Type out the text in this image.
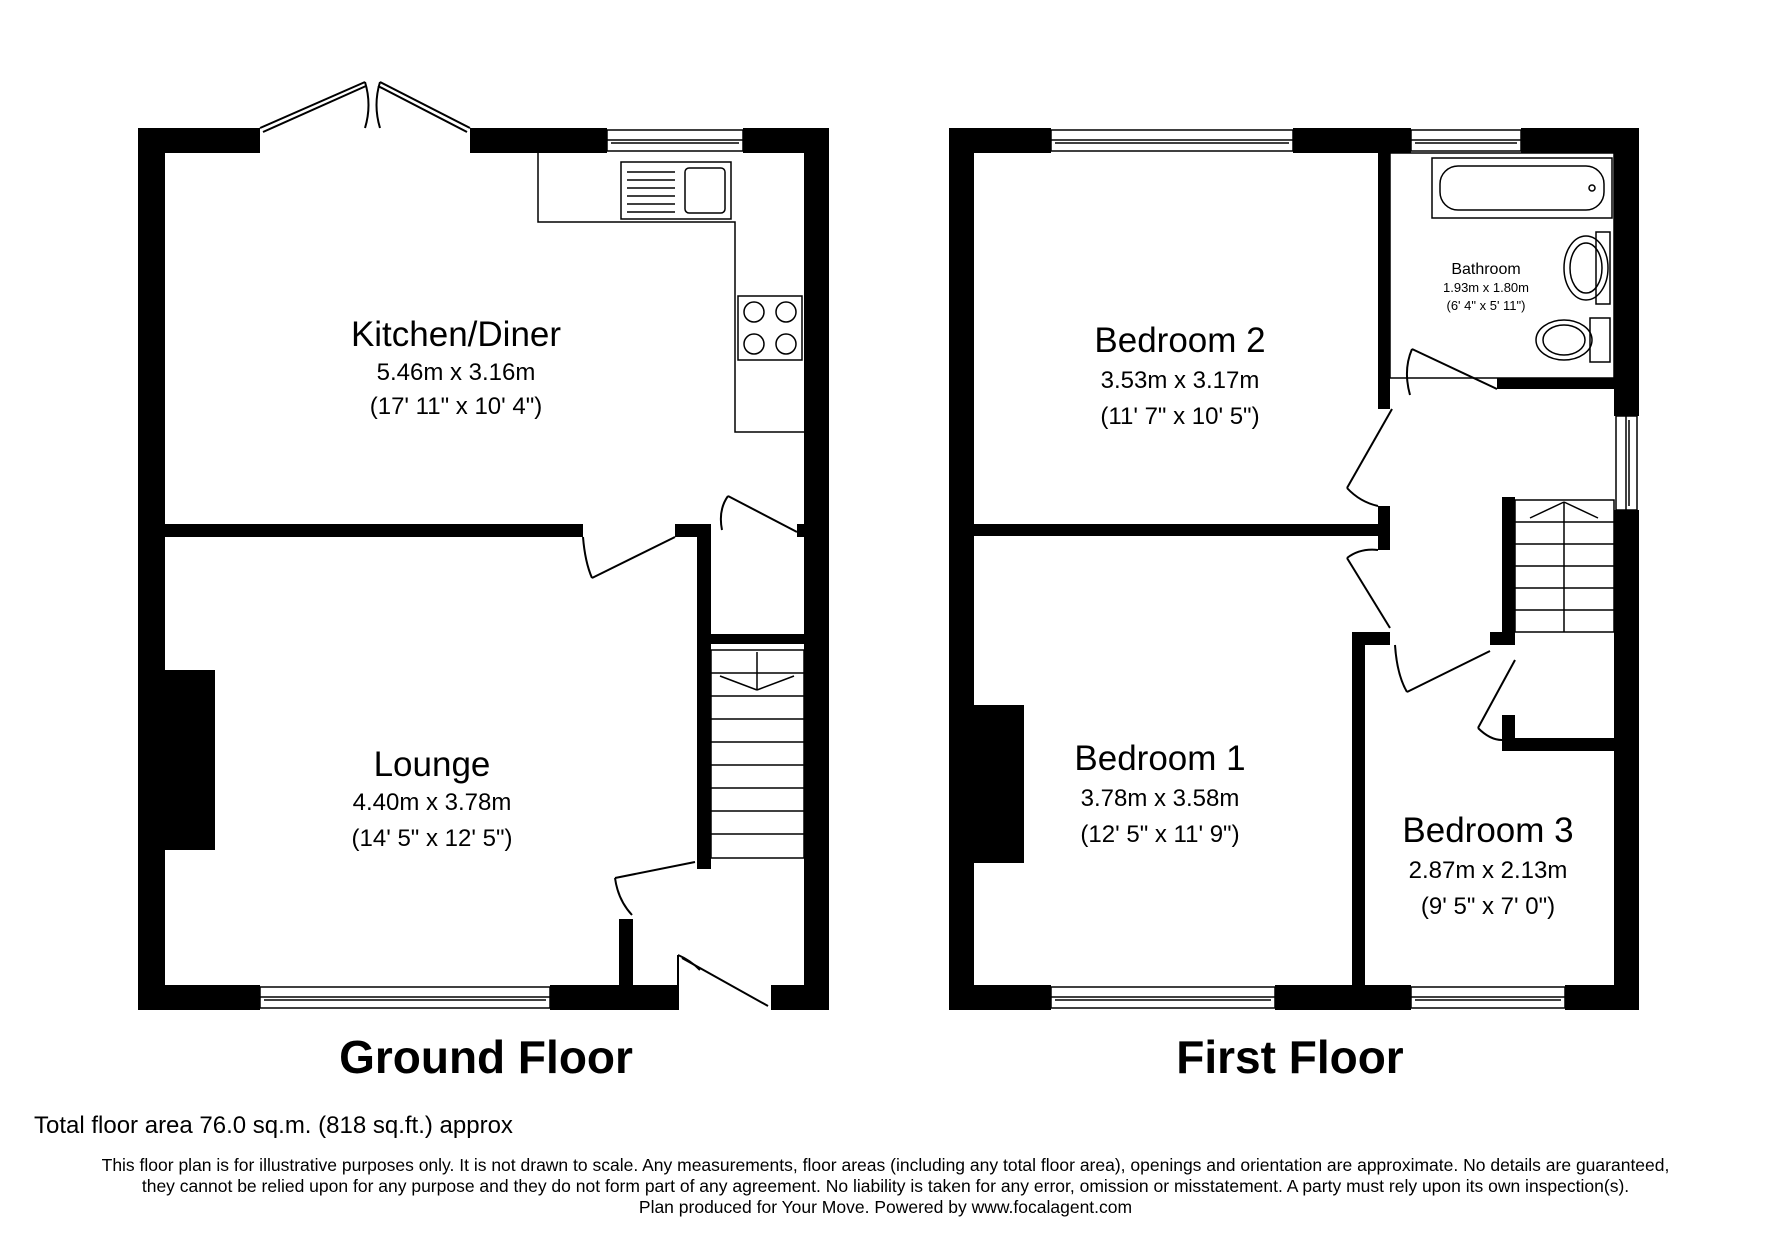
Kitchen/Diner
5.46m x 3.16m
(17' 11" x 10' 4")
Lounge
4.40m x 3.78m
(14' 5" x 12' 5")
Bedroom 2
3.53m x 3.17m
(11' 7" x 10' 5")
Bathroom
1.93m x 1.80m
(6' 4" x 5' 11")
Bedroom 1
3.78m x 3.58m
(12' 5" x 11' 9")	Bedroom 3
2.87m x 2.13m
(9' 5" x 7' 0")
Ground Floor	First Floor
Total floor area 76.0 sq.m. (818 sq.ft.) approx
This floor plan is for illustrative purposes only. It is not drawn to scale. Any measurements, floor areas (including any total floor area), openings and orientation are approximate. No details are guaranteed,
they cannot be relied upon for any purpose and they do not form part of any agreement. No liability is taken for any error, omission or misstatement. A party must rely upon its own inspection(s).
Plan produced for Your Move. Powered by www.focalagent.com
